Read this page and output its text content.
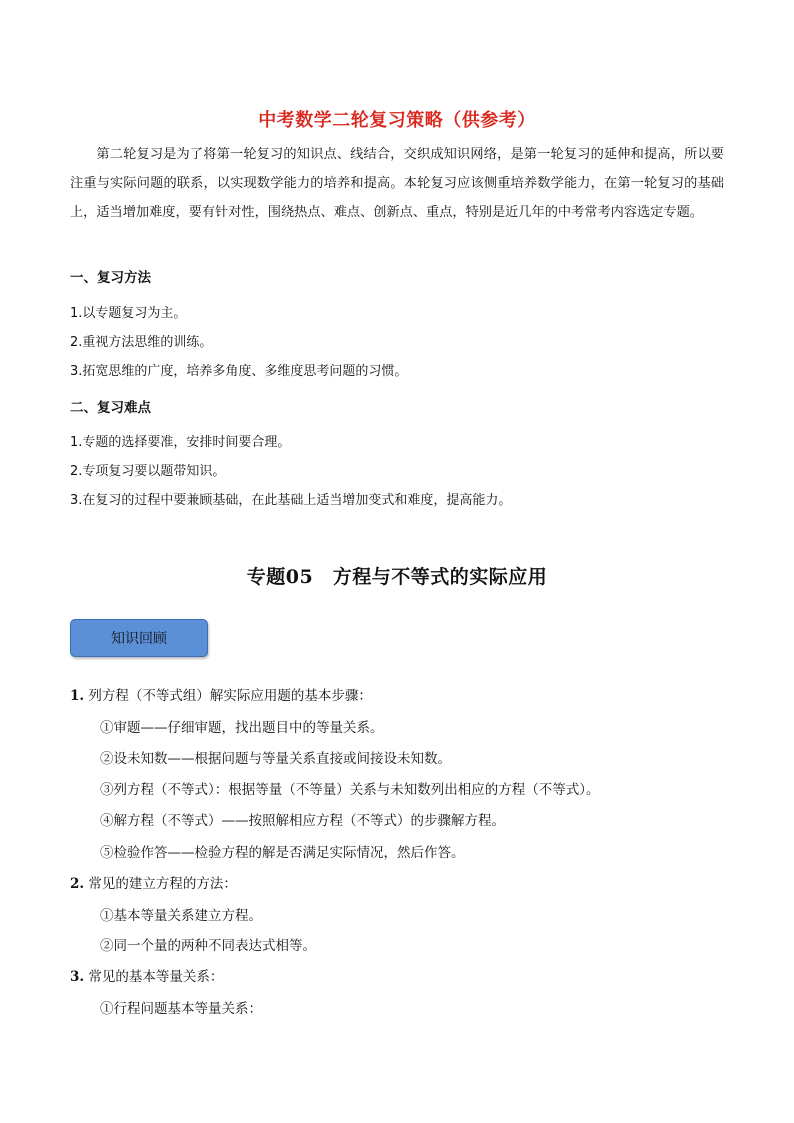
中考数学二轮复习策略（供参考）
第二轮复习是为了将第一轮复习的知识点、线结合，交织成知识网络，是第一轮复习的延伸和提高，所以要注重与实际问题的联系，以实现数学能力的培养和提高。本轮复习应该侧重培养数学能力，在第一轮复习的基础上，适当增加难度，要有针对性，围绕热点、难点、创新点、重点，特别是近几年的中考常考内容选定专题。
一、复习方法
1.以专题复习为主。
2.重视方法思维的训练。
3.拓宽思维的广度，培养多角度、多维度思考问题的习惯。
二、复习难点
1.专题的选择要准，安排时间要合理。
2.专项复习要以题带知识。
3.在复习的过程中要兼顾基础，在此基础上适当增加变式和难度，提高能力。
专题05　方程与不等式的实际应用
知识回顾
1. 列方程（不等式组）解实际应用题的基本步骤：
①审题——仔细审题，找出题目中的等量关系。
②设未知数——根据问题与等量关系直接或间接设未知数。
③列方程（不等式）：根据等量（不等量）关系与未知数列出相应的方程（不等式）。
④解方程（不等式）——按照解相应方程（不等式）的步骤解方程。
⑤检验作答——检验方程的解是否满足实际情况，然后作答。
2. 常见的建立方程的方法：
①基本等量关系建立方程。
②同一个量的两种不同表达式相等。
3. 常见的基本等量关系：
①行程问题基本等量关系：
